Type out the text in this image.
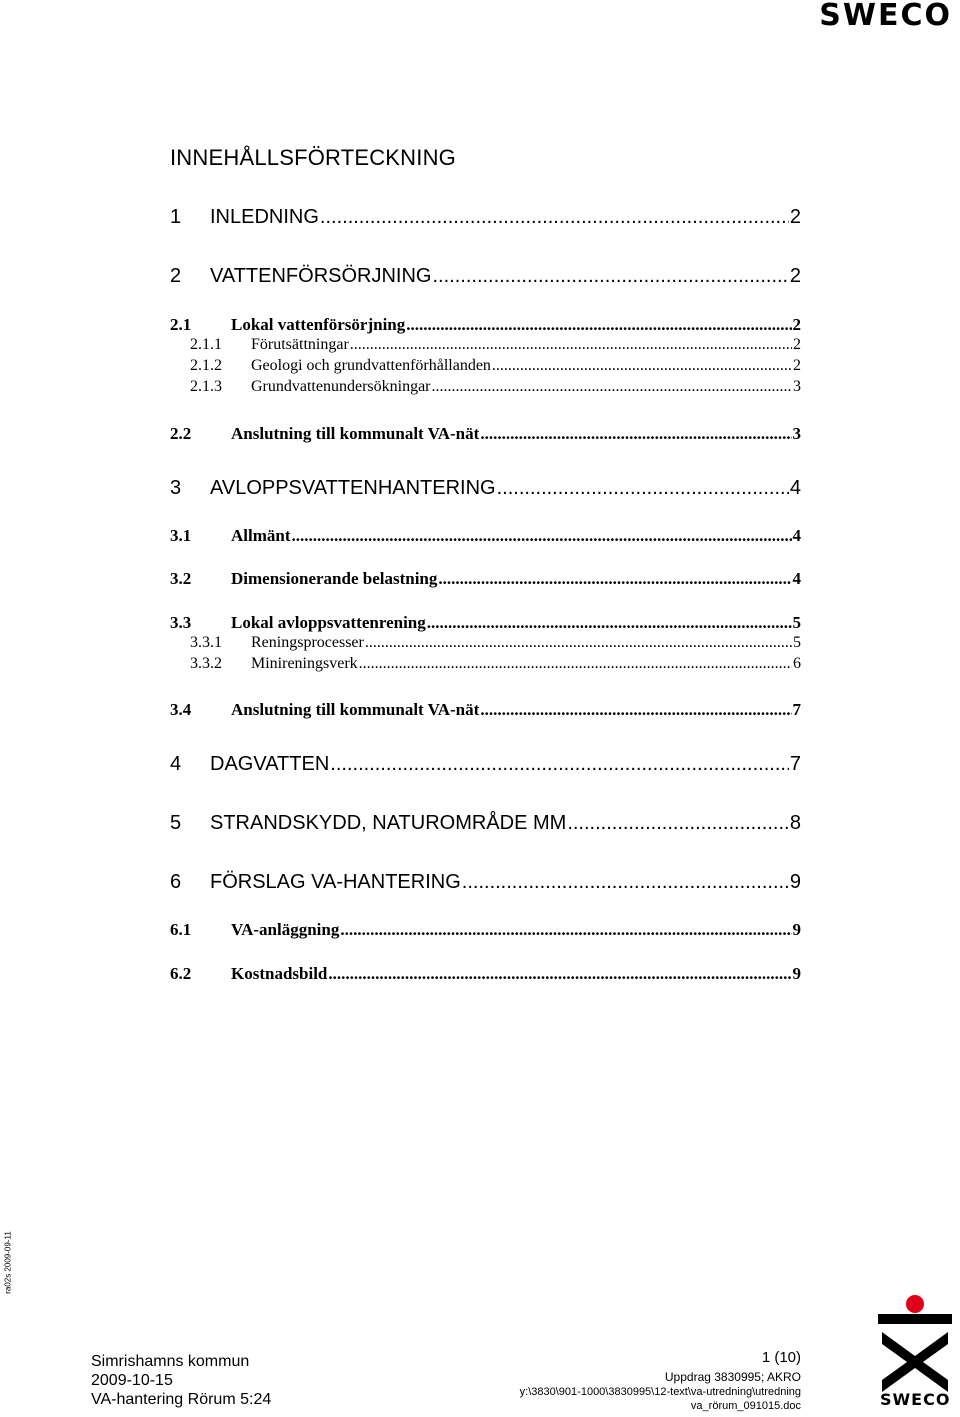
SWECO
INNEHÅLLSFÖRTECKNING
1	INLEDNING .....	2
2	VATTENFÖRSÖRJNING .....	2
2.1	Lokal vattenförsörjning .....	2
2.1.1	Förutsättningar .....	2
2.1.2	Geologi och grundvattenförhållanden .....	2
2.1.3	Grundvattenundersökningar .....	3
2.2	Anslutning till kommunalt VA-nät .....	3
3	AVLOPPSVATTENHANTERING .....	4
3.1	Allmänt .....	4
3.2	Dimensionerande belastning .....	4
3.3	Lokal avloppsvattenrening .....	5
3.3.1	Reningsprocesser .....	5
3.3.2	Minireningsverk .....	6
3.4	Anslutning till kommunalt VA-nät .....	7
4	DAGVATTEN .....	7
5	STRANDSKYDD, NATUROMRÅDE MM .....	8
6	FÖRSLAG VA-HANTERING .....	9
6.1	VA-anläggning .....	9
6.2	Kostnadsbild .....	9
ra02s 2009-09-11
Simrishamns kommun
2009-10-15
VA-hantering Rörum 5:24
1 (10)
Uppdrag 3830995; AKRO
y:\3830\901-1000\3830995\12-text\va-utredning\utredning
va_rörum_091015.doc	SWECO
